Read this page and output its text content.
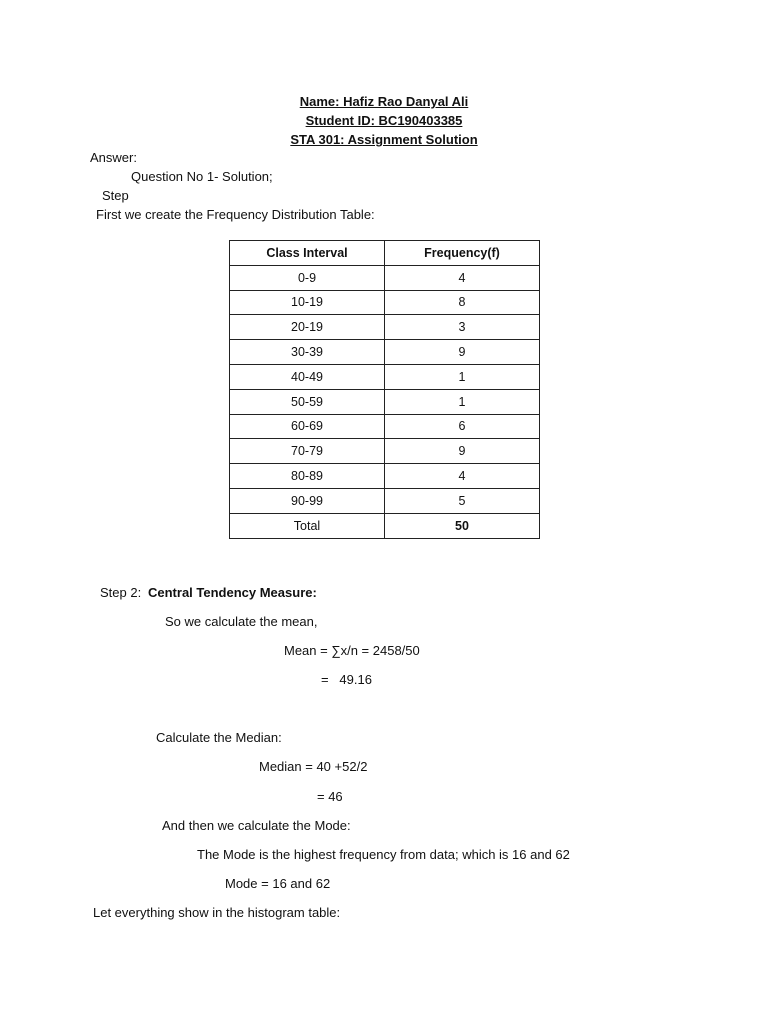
Name: Hafiz Rao Danyal Ali
Student ID: BC190403385
STA 301: Assignment Solution
Answer:
Question No 1- Solution;
Step
First we create the Frequency Distribution Table:
Class Interval	Frequency(f)
0-9	4
10-19	8
20-19	3
30-39	9
40-49	1
50-59	1
60-69	6
70-79	9
80-89	4
90-99	5
Total	50
Step 2: Central Tendency Measure:
So we calculate the mean,
Mean = ∑x/n = 2458/50
=   49.16
Calculate the Median:
Median = 40 +52/2
= 46
And then we calculate the Mode:
The Mode is the highest frequency from data; which is 16 and 62
Mode = 16 and 62
Let everything show in the histogram table:
